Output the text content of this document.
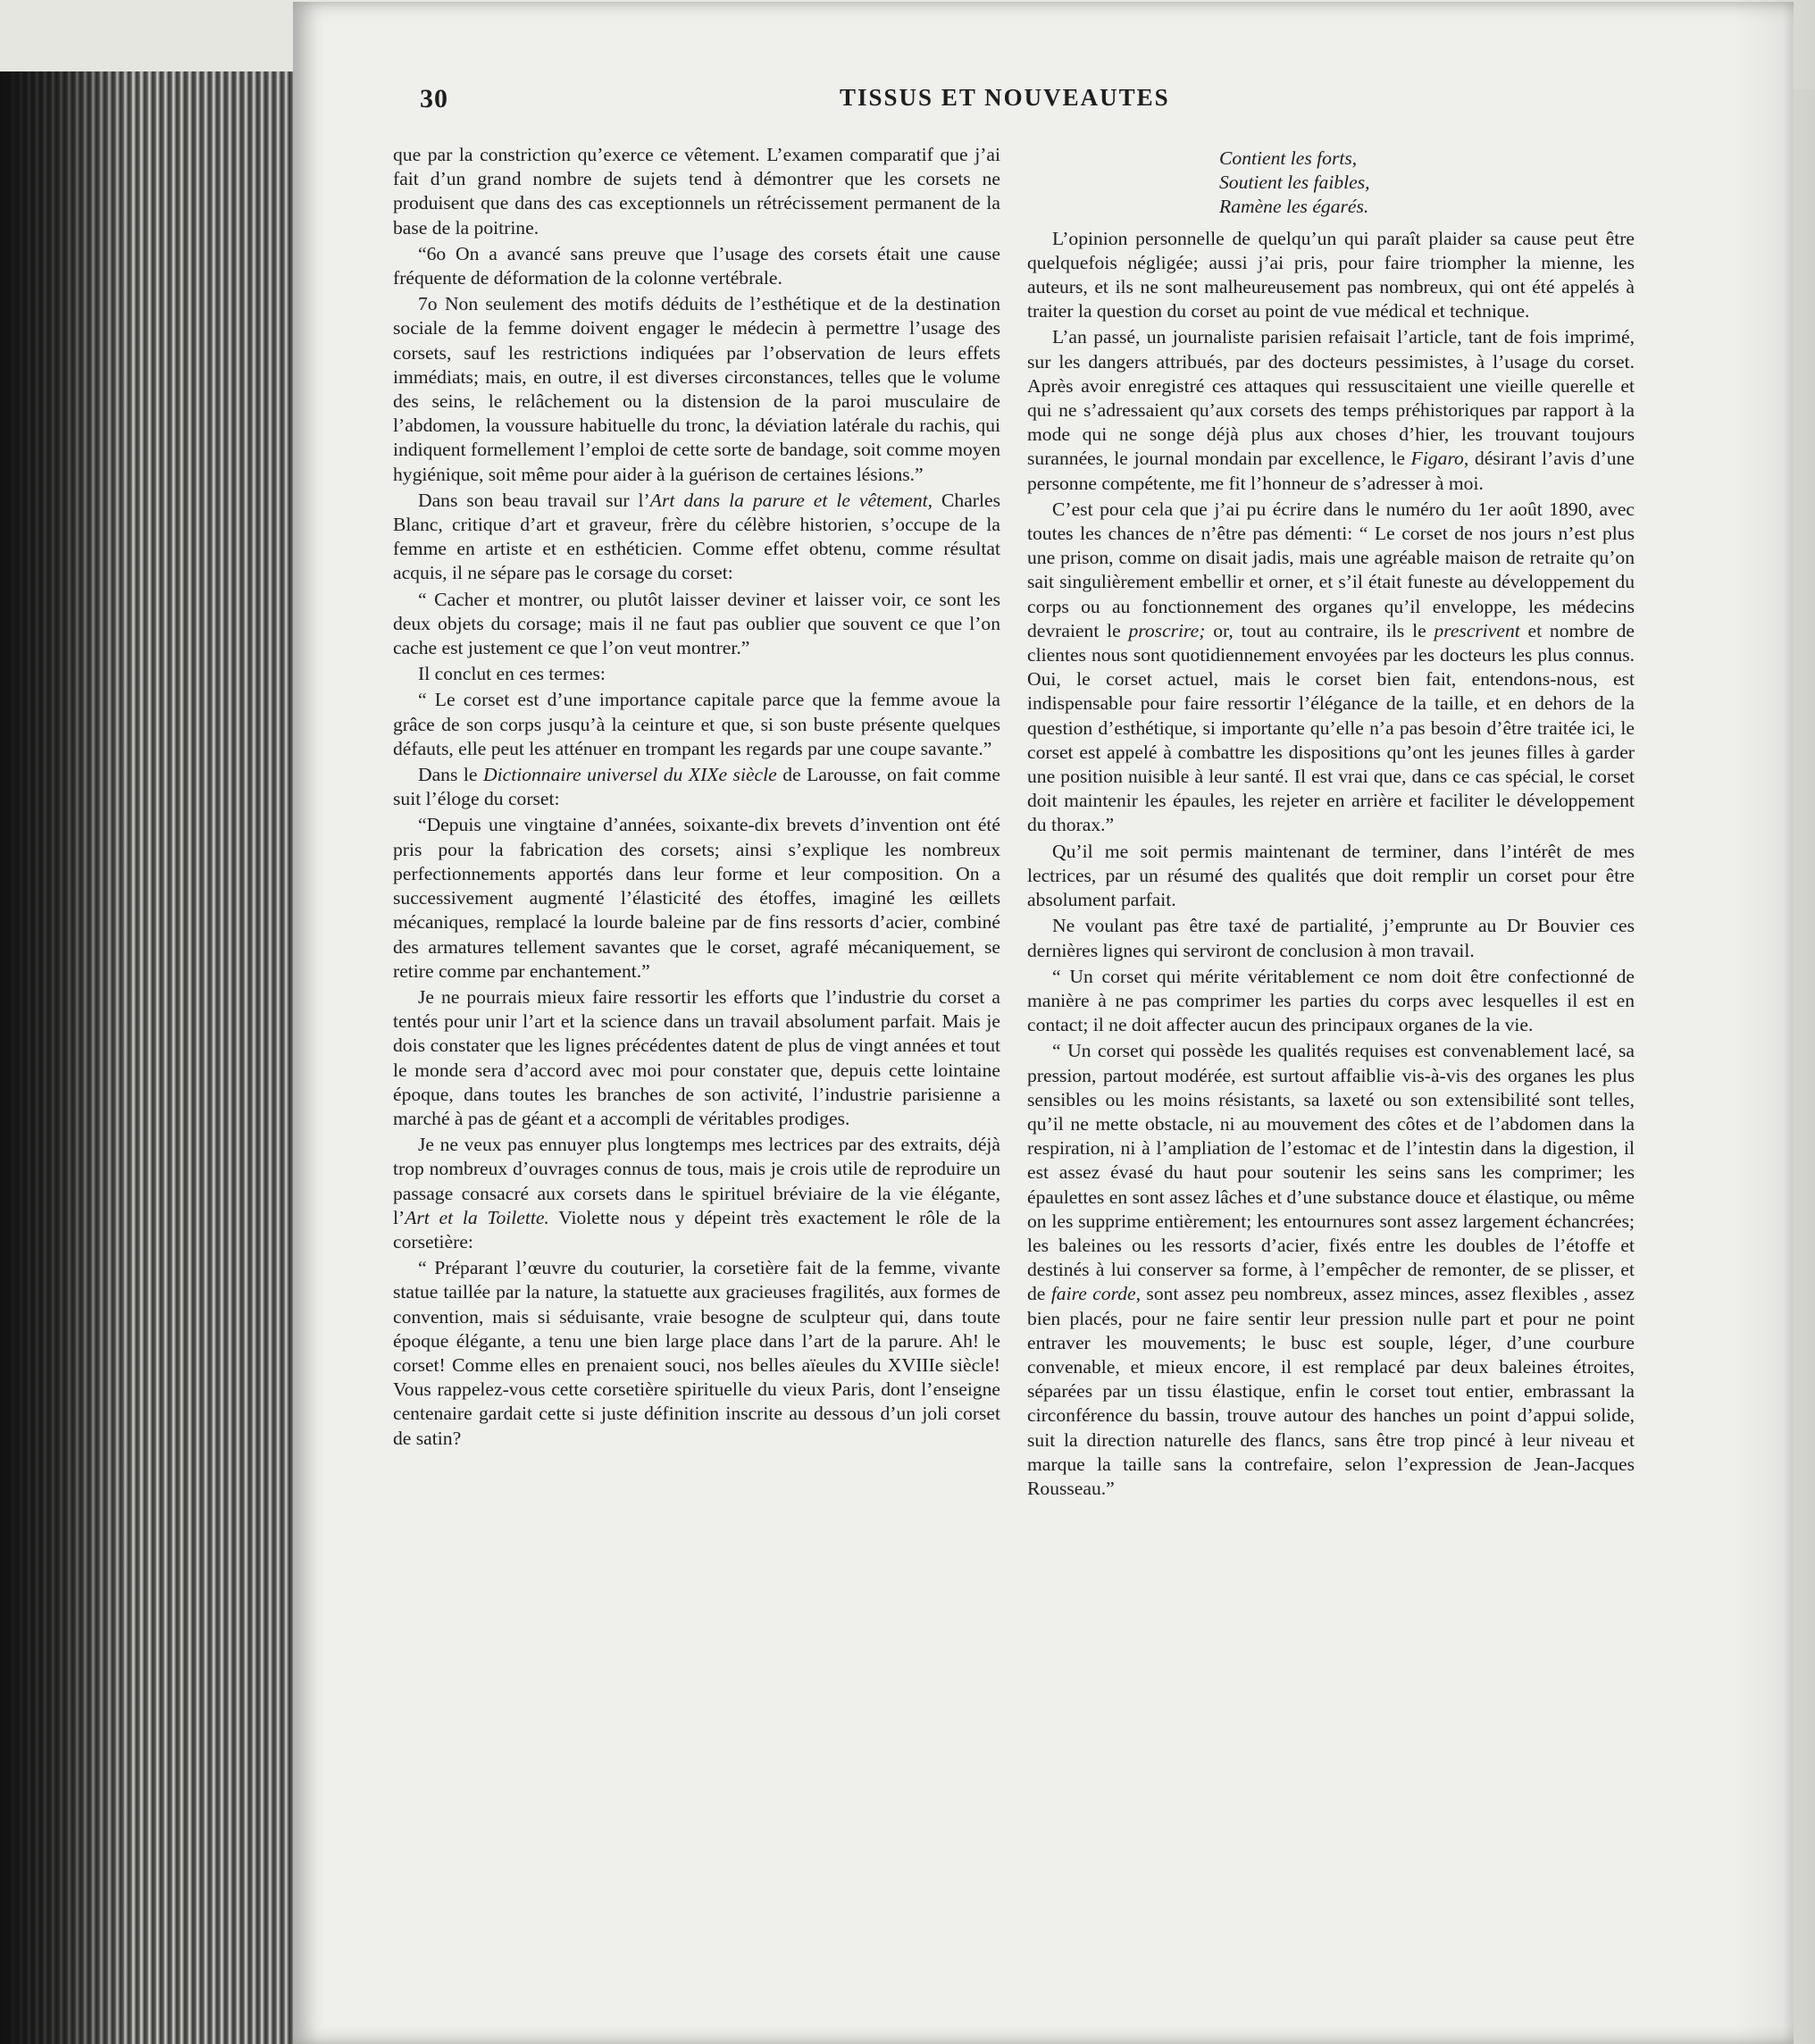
30	TISSUS ET NOUVEAUTES

que par la constriction qu’exerce ce vêtement. L’examen comparatif que j’ai fait d’un grand nombre de sujets tend à démontrer que les corsets ne produisent que dans des cas exceptionnels un rétrécissement permanent de la base de la poitrine.

“6o On a avancé sans preuve que l’usage des corsets était une cause fréquente de déformation de la colonne vertébrale.

7o Non seulement des motifs déduits de l’esthétique et de la destination sociale de la femme doivent engager le médecin à permettre l’usage des corsets, sauf les restrictions indiquées par l’observation de leurs effets immédiats; mais, en outre, il est diverses circonstances, telles que le volume des seins, le relâchement ou la distension de la paroi musculaire de l’abdomen, la voussure habituelle du tronc, la déviation latérale du rachis, qui indiquent formellement l’emploi de cette sorte de bandage, soit comme moyen hygiénique, soit même pour aider à la guérison de certaines lésions.”

Dans son beau travail sur l’Art dans la parure et le vêtement, Charles Blanc, critique d’art et graveur, frère du célèbre historien, s’occupe de la femme en artiste et en esthéticien. Comme effet obtenu, comme résultat acquis, il ne sépare pas le corsage du corset:

“ Cacher et montrer, ou plutôt laisser deviner et laisser voir, ce sont les deux objets du corsage; mais il ne faut pas oublier que souvent ce que l’on cache est justement ce que l’on veut montrer.”

Il conclut en ces termes:

“ Le corset est d’une importance capitale parce que la femme avoue la grâce de son corps jusqu’à la ceinture et que, si son buste présente quelques défauts, elle peut les atténuer en trompant les regards par une coupe savante.”

Dans le Dictionnaire universel du XIXe siècle de Larousse, on fait comme suit l’éloge du corset:

“Depuis une vingtaine d’années, soixante-dix brevets d’invention ont été pris pour la fabrication des corsets; ainsi s’explique les nombreux perfectionnements apportés dans leur forme et leur composition. On a successivement augmenté l’élasticité des étoffes, imaginé les œillets mécaniques, remplacé la lourde baleine par de fins ressorts d’acier, combiné des armatures tellement savantes que le corset, agrafé mécaniquement, se retire comme par enchantement.”

Je ne pourrais mieux faire ressortir les efforts que l’industrie du corset a tentés pour unir l’art et la science dans un travail absolument parfait. Mais je dois constater que les lignes précédentes datent de plus de vingt années et tout le monde sera d’accord avec moi pour constater que, depuis cette lointaine époque, dans toutes les branches de son activité, l’industrie parisienne a marché à pas de géant et a accompli de véritables prodiges.

Je ne veux pas ennuyer plus longtemps mes lectrices par des extraits, déjà trop nombreux d’ouvrages connus de tous, mais je crois utile de reproduire un passage consacré aux corsets dans le spirituel bréviaire de la vie élégante, l’Art et la Toilette. Violette nous y dépeint très exactement le rôle de la corsetière:

“ Préparant l’œuvre du couturier, la corsetière fait de la femme, vivante statue taillée par la nature, la statuette aux gracieuses fragilités, aux formes de convention, mais si séduisante, vraie besogne de sculpteur qui, dans toute époque élégante, a tenu une bien large place dans l’art de la parure. Ah! le corset! Comme elles en prenaient souci, nos belles aïeules du XVIIIe siècle! Vous rappelez-vous cette corsetière spirituelle du vieux Paris, dont l’enseigne centenaire gardait cette si juste définition inscrite au dessous d’un joli corset de satin?

Contient les forts,
Soutient les faibles,
Ramène les égarés.

L’opinion personnelle de quelqu’un qui paraît plaider sa cause peut être quelquefois négligée; aussi j’ai pris, pour faire triompher la mienne, les auteurs, et ils ne sont malheureusement pas nombreux, qui ont été appelés à traiter la question du corset au point de vue médical et technique.

L’an passé, un journaliste parisien refaisait l’article, tant de fois imprimé, sur les dangers attribués, par des docteurs pessimistes, à l’usage du corset. Après avoir enregistré ces attaques qui ressuscitaient une vieille querelle et qui ne s’adressaient qu’aux corsets des temps préhistoriques par rapport à la mode qui ne songe déjà plus aux choses d’hier, les trouvant toujours surannées, le journal mondain par excellence, le Figaro, désirant l’avis d’une personne compétente, me fit l’honneur de s’adresser à moi.

C’est pour cela que j’ai pu écrire dans le numéro du 1er août 1890, avec toutes les chances de n’être pas démenti: “ Le corset de nos jours n’est plus une prison, comme on disait jadis, mais une agréable maison de retraite qu’on sait singulièrement embellir et orner, et s’il était funeste au développement du corps ou au fonctionnement des organes qu’il enveloppe, les médecins devraient le proscrire; or, tout au contraire, ils le prescrivent et nombre de clientes nous sont quotidiennement envoyées par les docteurs les plus connus. Oui, le corset actuel, mais le corset bien fait, entendons-nous, est indispensable pour faire ressortir l’élégance de la taille, et en dehors de la question d’esthétique, si importante qu’elle n’a pas besoin d’être traitée ici, le corset est appelé à combattre les dispositions qu’ont les jeunes filles à garder une position nuisible à leur santé. Il est vrai que, dans ce cas spécial, le corset doit maintenir les épaules, les rejeter en arrière et faciliter le développement du thorax.”

Qu’il me soit permis maintenant de terminer, dans l’intérêt de mes lectrices, par un résumé des qualités que doit remplir un corset pour être absolument parfait.

Ne voulant pas être taxé de partialité, j’emprunte au Dr Bouvier ces dernières lignes qui serviront de conclusion à mon travail.

“ Un corset qui mérite véritablement ce nom doit être confectionné de manière à ne pas comprimer les parties du corps avec lesquelles il est en contact; il ne doit affecter aucun des principaux organes de la vie.

“ Un corset qui possède les qualités requises est convenablement lacé, sa pression, partout modérée, est surtout affaiblie vis-à-vis des organes les plus sensibles ou les moins résistants, sa laxeté ou son extensibilité sont telles, qu’il ne mette obstacle, ni au mouvement des côtes et de l’abdomen dans la respiration, ni à l’ampliation de l’estomac et de l’intestin dans la digestion, il est assez évasé du haut pour soutenir les seins sans les comprimer; les épaulettes en sont assez lâches et d’une substance douce et élastique, ou même on les supprime entièrement; les entournures sont assez largement échancrées; les baleines ou les ressorts d’acier, fixés entre les doubles de l’étoffe et destinés à lui conserver sa forme, à l’empêcher de remonter, de se plisser, et de faire corde, sont assez peu nombreux, assez minces, assez flexibles , assez bien placés, pour ne faire sentir leur pression nulle part et pour ne point entraver les mouvements; le busc est souple, léger, d’une courbure convenable, et mieux encore, il est remplacé par deux baleines étroites, séparées par un tissu élastique, enfin le corset tout entier, embrassant la circonférence du bassin, trouve autour des hanches un point d’appui solide, suit la direction naturelle des flancs, sans être trop pincé à leur niveau et marque la taille sans la contrefaire, selon l’expression de Jean-Jacques Rousseau.”
